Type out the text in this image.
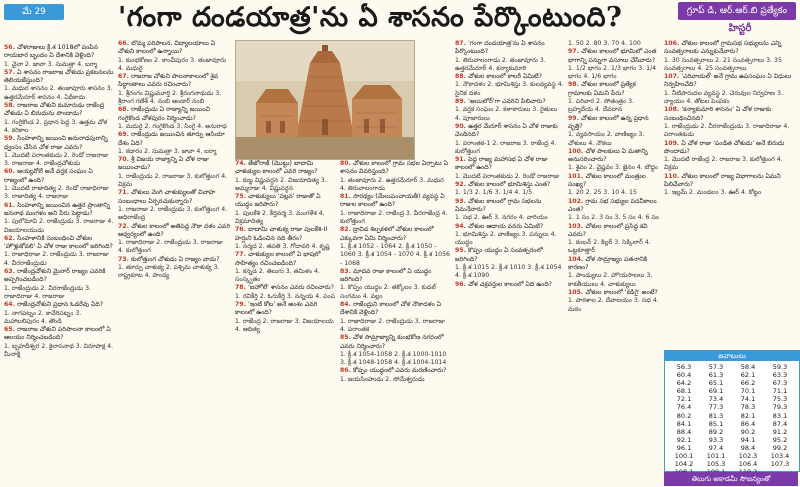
మే 29 తరువాయి	'గంగా దండయాత్ర'ను ఏ శాసనం పేర్కొంటుంది?	గ్రూప్ డి, ఆర్.ఆర్.బి ప్రత్యేకం
హిస్టరీ
56. చోళరాజులు క్రీ.శ 1018లో పంపిన రాయబార బృందం ఏ దేశానికి వెళ్లింది?
1. చైనా 2. జావా 3. సుమత్రా 4. బర్మా
57. ఏ శాసనం రాజరాజ చోళుడు ప్రకటనలను తెలియజేస్తుంది?
1. మధుర శాసనం 2. తంజావూరు శాసనం 3. ఉత్తరమేరూర్ శాసనం 4. ఏదీకాదు
58. రాజరాజ చోళుని కుమారుడు రాజేంద్ర చోళుడు ఏ బిరుదును పొందాడు?
1. గంగైకొండ 2. ప్రధాన పెద్ద 3. ఉత్తమ చోళ 4. కరికాల
59. సింహళాన్ని జయించి అనురాధపురాన్ని ధ్వంసం చేసిన చోళ రాజు ఎవరు?
1. మొదటి పరాంతకుడు 2. రెండో రాజరాజు 3. రాజరాజు 4. రాజేంద్రచోళుడు
60. అయ్యవోలే అనే వర్తక సంఘం ఏ రాజ్యంలో ఉంది?
1. మొదటి రాజాదిత్య 2. రెండో రాజాధిరాజు 3. రాజాదిత్య 4. రాజరాజు
61. సింహళాన్ని జయించిన ఉత్తర ప్రాంతాన్ని జననాథ మంగళం అని పేరు పెట్టాడు?
1. పులోమావి 2. రాజేంద్రుడు 3. రాజరాజు 4. విజయాలయుడు
62. సింహళానికి సంబంధించి చోళుల 'హొళ్లుకోవలి' ఏ చోళ రాజు కాలంలో జరిగింది?
1. రాజాధిరాజు 2. రాజేంద్రుడు 3. రాజరాజు 4. వీరరాజేంద్రుడు
63. రాజేంద్రచోళుని మైనార్ రాజ్యం ఎవరికి అప్పగించబడింది?
1. రాజేంద్రుడు 2. వీరరాజేంద్రుడు 3. రాజాదిరాజు 4. రాజరాజు
64. రాజేంద్రచోళుని ప్రధాన ఓడరేవు ఏది?
1. నాగపట్నం 2. కావేరిపట్నం 3. మహాబలిపురం 4. తొండి
65. రాజరాజ చోళుని పరిపాలనా కాలంలో ఏ ఆలయం నిర్మించబడింది?
1. బృహదీశ్వర 2. కైలాసనాథ 3. విరూపాక్ష 4. మీనాక్షి
66. బొమ్మ పరిపాలన, విద్యాలయాలు ఏ చోళుని కాలంలో ఉన్నాయి?
1. కుంభకోణం 2. కాంచీపురం 3. తంజావూరు 4. మధురై
67. రాజరాజ చోళుని పాలనాకాలంలో శైవ సిద్ధాంతాలు ఎవరు రచించారు?
1. శ్రీరంగం విష్ణుమూర్తి 2. శ్రీరంగనాథుడు 3. శ్రీరాంగ గణేశ్ 4. నంబి ఆండార్ నంబి
68. రాజేంద్రుడు ఏ రాజ్యాన్ని జయించి గంగైకొండ చోళపురం నిర్మించాడు?
1. మదురై 2. గంగైకొండ 3. సింగై 4. అనురాధ
69. రాజేంద్రుడు జయించిన తూర్పు ఆసియా దేశం ఏది?
1. కడారం 2. సుమత్రా 3. జావా 4. బర్మా
70. శ్రీ విజయ రాజ్యాన్ని ఏ చోళ రాజు జయించాడు?
1. రాజేంద్రుడు 2. రాజరాజు 3. కులోత్తుంగ 4. విక్రమ
71. చోళులు వెంగి చాళుక్యులతో వివాహ సంబంధాలు ఏర్పరచుకున్నారు?
1. రాజరాజు 2. రాజేంద్రుడు 3. కులోత్తుంగ 4. అధిరాజేంద్ర
72. చోళుల కాలంలో అతిపెద్ద నౌకా దళం ఎవరి ఆధ్వర్యంలో ఉంది?
1. రాజాదిరాజు 2. రాజేంద్రుడు 3. రాజరాజు 4. కులోత్తుంగ
73. కులోత్తుంగ చోళుడు ఏ రాజ్యం వాడు?
1. తూర్పు చాళుక్య 2. పశ్చిమ చాళుక్య 3. రాష్ట్రకూట 4. పాండ్య
74. తేజోరాజ్ (మొట్టు) బాదామి చాళుక్యుల కాలంలో ఎవరి రాజ్యం?
1. కుబ్జ విష్ణువర్ధన 2. విజయాదిత్య 3. అమ్మరాజు 4. విష్ణువర్ధన
75. చాళుక్యులు 'పల్లవ' రాజుతో ఏ యుద్ధం జరిపారు?
1. పులకేశి 2. కీర్తివర్మ 3. మంగళేశ 4. విక్రమాదిత్య
76. బాదామి చాళుక్య రాజు పులకేశి-II హర్షుని ఓడించిన నది తీరం?
1. నర్మద 2. తపతి 3. గోదావరి 4. కృష్ణ
77. చాళుక్యుల కాలంలో ఏ భాషలో సాహిత్యం రచించబడింది?
1. కన్నడ 2. తెలుగు 3. తమిళం 4. సంస్కృతం
78. 'ఐహోలే' శాసనం ఎవరు రచించారు?
1. రవికీర్తి 2. ఓరుకీర్తి 3. నన్నయ 4. పంప
79. 'ఇంటి కోట' అనే అంశం ఎవరి కాలంలో ఉంది?
1. రాజేంద్ర 2. రాజరాజు 3. విజయాలయ 4. ఆదిత్య
80. చోళుల కాలంలో గ్రామ సభల ఏర్పాటు ఏ శాసనం వివరిస్తుంది?
1. తంజావూరు 2. ఉత్తరమేరూర్ 3. మధుర 4. తిరువాలంగాడు
81. సారథ్యం (మేలుపంచాయతీ) వ్యవస్థ ఏ రాజుల కాలంలో ఉంది?
1. రాజాదిరాజు 2. రాజేంద్ర 3. వీరరాజేంద్ర 4. కులోత్తుంగ
82. ద్రావిడ శిల్పకళలో చోళుల కాలంలో ఎక్కువగా ఏమి నిర్మించారు?
1. క్రీ.శ 1052 - 1064 2. క్రీ.శ 1050 - 1060 3. క్రీ.శ 1054 - 1070 4. క్రీ.శ 1056 - 1068
83. మాదవ రాజు కాలంలో ఏ యుద్ధం జరిగింది?
1. కొప్పం యుద్ధం 2. తక్కోలం 3. కుడల్ సంగమం 4. వల్లం
84. రాజేంద్రుని కాలంలో చోళ నౌకాదళం ఏ దేశానికి వెళ్లింది?
1. రాజాదిరాజు 2. రాజేంద్రుడు 3. రాజరాజు 4. పరాంతక
85. చోళ సామ్రాజ్యాన్ని కుంభకోణ నగరంలో ఎవరు నిర్మించారు?
1. క్రీ.శ 1054-1058 2. క్రీ.శ 1000-1010 3. క్రీ.శ 1048-1058 4. క్రీ.శ 1004-1014
86. కోప్పం యుద్ధంలో ఎవరు మరణించారు?
1. జయసింహుడు 2. సోమేశ్వరుడు
87. 'గంగా దండయాత్ర'ను ఏ శాసనం పేర్కొంటుంది?
1. తిరువాలంగాడు 2. తంజావూరు 3. ఉత్తరమేరూర్ 4. కన్యాకుమారి
88. చోళుల కాలంలో కాలరీ ఏమిటి?
1. నౌకాదళం 2. భూమిశిస్తు 3. కులవ్యవస్థ 4. సైనిక దళం
89. 'అయిలోర్'గా ఎవరిని పిలిచారు?
1. వర్తక సంఘం 2. కళాకారులు 3. రైతులు 4. పూజారులు
90. ఉత్తర మేరూర్ శాసనం ఏ చోళ రాజుకు చెందినది?
1. పరాంతక-1 2. రాజరాజ 3. రాజేంద్ర 4. కులోత్తుంగ
91. పెద్ద రాజ్య మహాసభ ఏ చోళ రాజు కాలంలో ఉంది?
1. మొదటి పరాంతకుడు 2. రెండో రాజరాజు
92. చోళుల కాలంలో భూమిశిస్తు ఎంత?
1. 1/3 2. 1/6 3. 1/4 4. 1/5
93. చోళుల కాలంలో గ్రామ సభలను ఏమనేవారు?
1. సభ 2. ఊర్ 3. నగరం 4. వారియం
94. చోళుల ఆదాయ వనరు ఏమిటి?
1. భూమిశిస్తు 2. వాణిజ్యం 3. పన్నులు 4. యుద్ధం
95. కొప్పం యుద్ధం ఏ సంవత్సరంలో జరిగింది?
1. క్రీ.శ 1015 2. క్రీ.శ 1010 3. క్రీ.శ 1054 4. క్రీ.శ 1090
96. చోళ చక్రవర్తుల కాలంలో ఏది ఉంది?
1. 50 2. 80 3. 70 4. 100
97. చోళుల కాలంలో భూమిలో ఎంత భాగాన్ని పన్నుగా వసూలు చేసేవారు?
1. 1/2 భాగం 2. 1/3 భాగం 3. 1/4 భాగం 4. 1/6 భాగం
98. చోళుల కాలంలో ప్రత్యేక గ్రామాలకు ఏమని పేరు?
1. పరివార 2. సోతంత్రం 3. బ్రహ్మదేయ 4. దేవదాన
99. చోళుల కాలంలో ఉన్న ప్రధాన వృత్తి?
1. వ్యవసాయం 2. వాణిజ్యం 3. చోళులు 4. నౌకలు
100. చోళ పాలకులు ఏ మతాన్ని అనుసరించారు?
1. శైవం 2. వైష్ణవం 3. జైనం 4. బౌద్ధం
101. చోళుల కాలంలో మంత్రుల సంఖ్య?
1. 20 2. 25 3. 10 4. 15
102. గ్రామ సభ సభ్యుల పదవీకాలం ఎంత?
1. 1 సం 2. 3 సం 3. 5 సం 4. 6 సం
103. చోళుల కాలంలో ప్రసిద్ధ కవి ఎవరు?
1. కంబన్ 2. కిల్లర్ 3. సెక్కిలార్ 4. ఒట్టకూత్తార్
104. చోళ సామ్రాజ్యం పతనానికి కారణం?
1. పాండ్యులు 2. హొయసాలలు 3. కాకతీయులు 4. చాళుక్యులు
105. చోళుల కాలంలో 'కడిగై' అంటే?
1. పాఠశాల 2. దేవాలయం 3. సభ 4. మఠం
106. చోళుల కాలంలో గ్రామసభ సభ్యులను ఎన్ని సంవత్సరాలకు ఎన్నుకునేవారు?
1. 30 సంవత్సరాలు 2. 21 సంవత్సరాలు 3. 35 సంవత్సరాలు 4. 25 సంవత్సరాలు
107. 'ఎరివాయల్' అనే గ్రామ ఉపసంఘం ఏ విధులు నిర్వహించేది?
1. నీటిపారుదల వ్యవస్థ 2. చెరువుల నిర్వహణ 3. న్యాయం 4. తోటల పెంపకం
108. 'కన్యాకుమారి శాసనం' ఏ చోళ రాజుకు సంబంధించినది?
1. రాజేంద్రుడు 2. వీరరాజేంద్రుడు 3. రాజాదిరాజు 4. పరాంతకుడు
109. ఏ చోళ రాజు 'పండిత చోళుడు' అనే బిరుదు పొందాడు?
1. మొదటి రాజేంద్ర 2. రాజరాజ 3. కులోత్తుంగ 4. విక్రమ
110. చోళుల కాలంలో రాజ్య విభాగాలను ఏమని పిలిచేవారు?
1. ఇల్లమ్ 2. మండలం 3. ఊర్ 4. కోట్టం
జవాబులు
56.3	57.3	58.4	59.3
60.4	61.3	62.1	63.3
64.2	65.1	66.2	67.3
68.1	69.1	70.1	71.1
72.1	73.4	74.1	75.3
76.4	77.3	78.3	79.3
80.2	81.3	82.1	83.1
84.1	85.1	86.4	87.4
88.4	89.2	90.2	91.2
92.1	93.3	94.1	95.2
96.1	97.4	98.4	99.2
100.1	101.1	102.3	103.4
104.2	105.3	106.4	107.3
తెలుగు అకాడమీ సౌజన్యంతో
